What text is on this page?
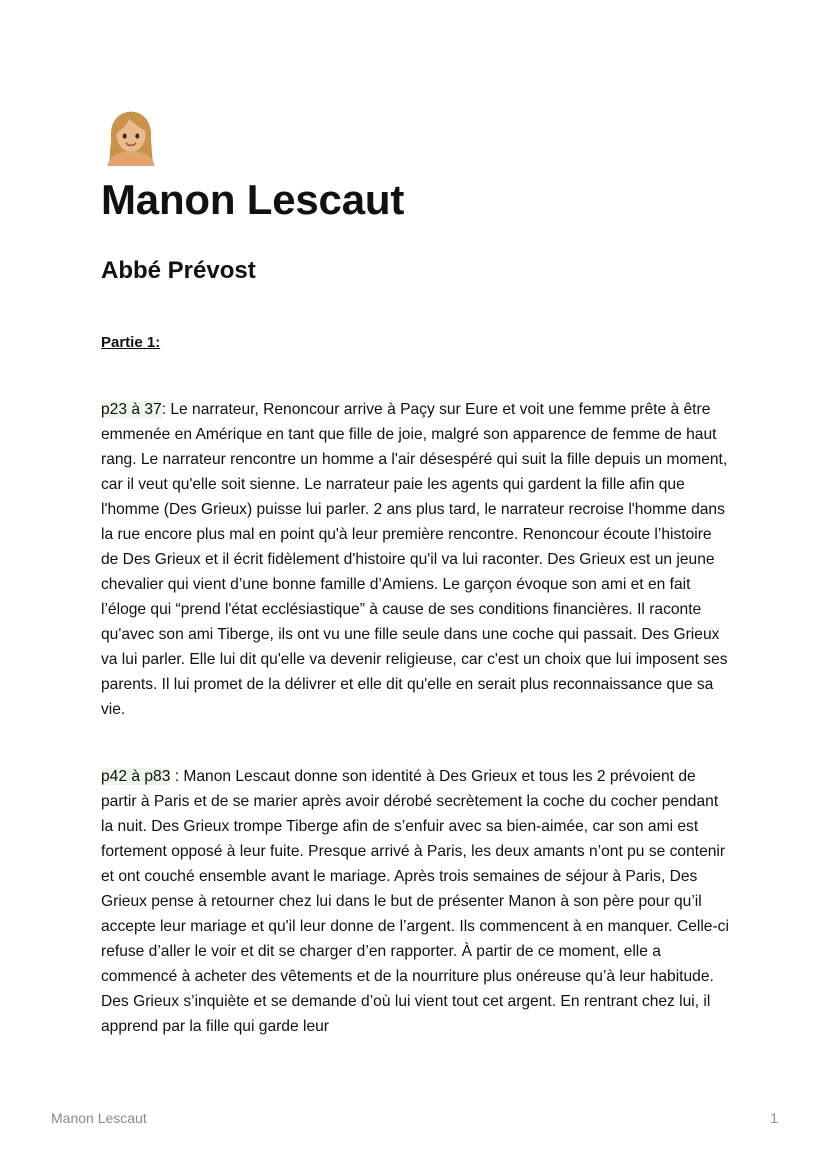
Manon Lescaut
Abbé Prévost
Partie 1:

p23 à 37: Le narrateur, Renoncour arrive à Paçy sur Eure et voit une femme prête à être emmenée en Amérique en tant que fille de joie, malgré son apparence de femme de haut rang. Le narrateur rencontre un homme a l'air désespéré qui suit la fille depuis un moment, car il veut qu'elle soit sienne. Le narrateur paie les agents qui gardent la fille afin que l'homme (Des Grieux) puisse lui parler. 2 ans plus tard, le narrateur recroise l'homme dans la rue encore plus mal en point qu'à leur première rencontre. Renoncour écoute l’histoire de Des Grieux et il écrit fidèlement d'histoire qu'il va lui raconter. Des Grieux est un jeune chevalier qui vient d’une bonne famille d’Amiens. Le garçon évoque son ami et en fait l’éloge qui “prend l'état ecclésiastique” à cause de ses conditions financières. Il raconte qu'avec son ami Tiberge, ils ont vu une fille seule dans une coche qui passait. Des Grieux va lui parler. Elle lui dit qu'elle va devenir religieuse, car c'est un choix que lui imposent ses parents. Il lui promet de la délivrer et elle dit qu'elle en serait plus reconnaissance que sa vie.

p42 à p83 : Manon Lescaut donne son identité à Des Grieux et tous les 2 prévoient de partir à Paris et de se marier après avoir dérobé secrètement la coche du cocher pendant la nuit. Des Grieux trompe Tiberge afin de s’enfuir avec sa bien-aimée, car son ami est fortement opposé à leur fuite. Presque arrivé à Paris, les deux amants n’ont pu se contenir et ont couché ensemble avant le mariage. Après trois semaines de séjour à Paris, Des Grieux pense à retourner chez lui dans le but de présenter Manon à son père pour qu’il accepte leur mariage et qu'il leur donne de l’argent. Ils commencent à en manquer. Celle-ci refuse d’aller le voir et dit se charger d’en rapporter. À partir de ce moment, elle a commencé à acheter des vêtements et de la nourriture plus onéreuse qu’à leur habitude. Des Grieux s’inquiète et se demande d’où lui vient tout cet argent. En rentrant chez lui, il apprend par la fille qui garde leur

Manon Lescaut	1
